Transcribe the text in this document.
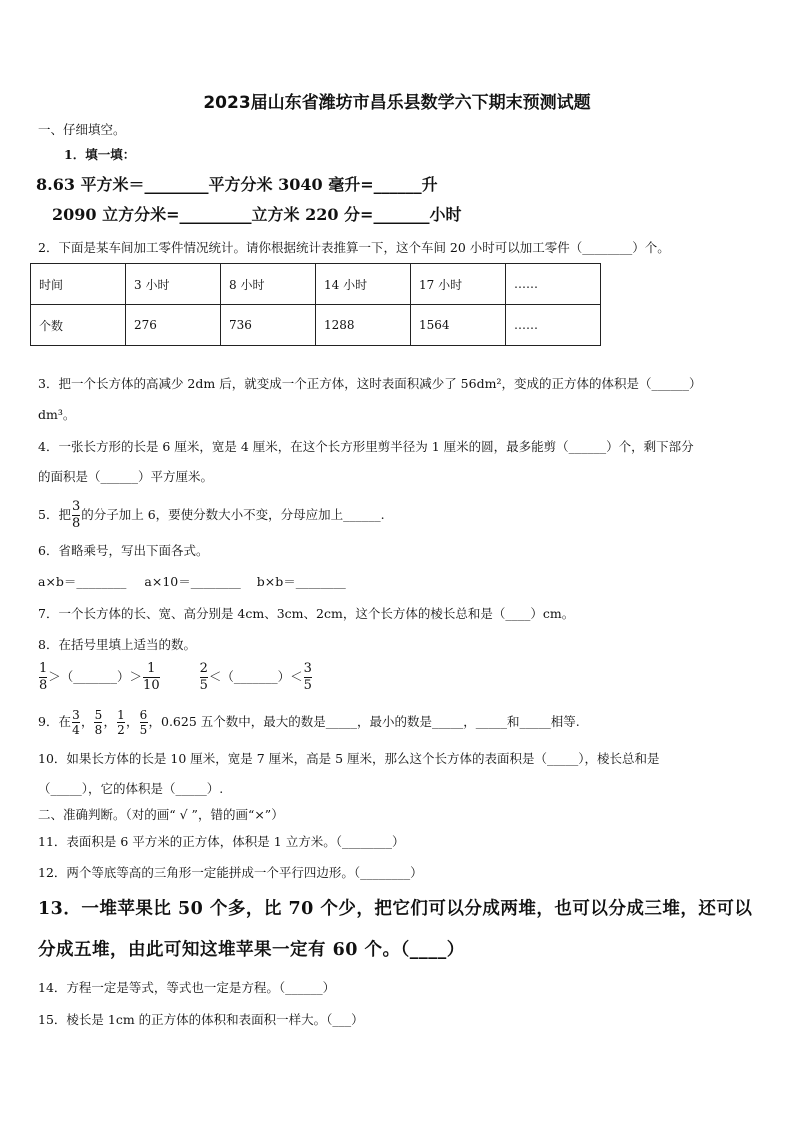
2023届山东省潍坊市昌乐县数学六下期末预测试题
一、仔细填空。
1．填一填：
8.63 平方米＝________平方分米 3040 毫升=______升
2090 立方分米=_________立方米 220 分=_______小时
2．下面是某车间加工零件情况统计。请你根据统计表推算一下，这个车间 20 小时可以加工零件（________）个。
时间	3 小时	8 小时	14 小时	17 小时	……
个数	276	736	1288	1564	……
3．把一个长方体的高减少 2dm 后，就变成一个正方体，这时表面积减少了 56dm²，变成的正方体的体积是（______）
dm³。
4．一张长方形的长是 6 厘米，宽是 4 厘米，在这个长方形里剪半径为 1 厘米的圆，最多能剪（______）个，剩下部分
的面积是（______）平方厘米。
5．把 $\frac{3}{8}$ 的分子加上 6，要使分数大小不变，分母应加上______.
6．省略乘号，写出下面各式。
a×b＝________ a×10＝________ b×b＝________
7．一个长方体的长、宽、高分别是 4cm、3cm、2cm，这个长方体的棱长总和是（____）cm。
8．在括号里填上适当的数。
$\frac{1}{8}$ ＞（_______）＞ $\frac{1}{10}$
	$\frac{2}{5}$ ＜（_______）＜ $\frac{3}{5}$
9．在 $\frac{3}{4}$ ， $\frac{5}{8}$ ， $\frac{1}{2}$ ， $\frac{6}{5}$ ，0.625 五个数中，最大的数是_____，最小的数是_____，_____和_____相等.
10．如果长方体的长是 10 厘米，宽是 7 厘米，高是 5 厘米，那么这个长方体的表面积是（_____），棱长总和是
（_____），它的体积是（_____）.
二、准确判断。（对的画“ √ ”，错的画“×”）
11．表面积是 6 平方米的正方体，体积是 1 立方米。（________）
12．两个等底等高的三角形一定能拼成一个平行四边形。（________）
13．一堆苹果比 50 个多，比 70 个少，把它们可以分成两堆，也可以分成三堆，还可以
分成五堆，由此可知这堆苹果一定有 60 个。（____）
14．方程一定是等式，等式也一定是方程。（______）
15．棱长是 1cm 的正方体的体积和表面积一样大。（___）
